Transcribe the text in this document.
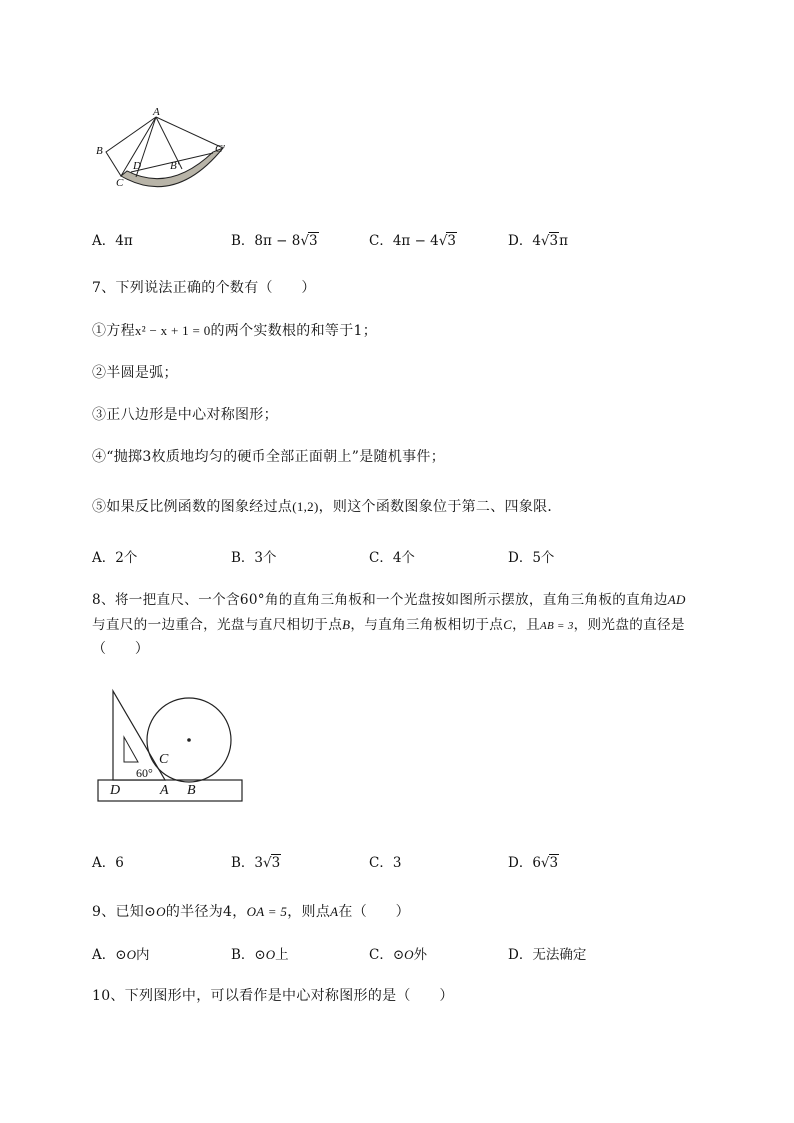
A
B
C
D	B'
C'
A．4π	B．8π − 8√3	C．4π − 4√3	D．4√3π
7、下列说法正确的个数有（　　）
①方程x² − x + 1 = 0的两个实数根的和等于1；
②半圆是弧；
③正八边形是中心对称图形；
④“抛掷3枚质地均匀的硬币全部正面朝上”是随机事件；
⑤如果反比例函数的图象经过点(1,2)，则这个函数图象位于第二、四象限．
A．2个	B．3个	C．4个	D．5个
8、将一把直尺、一个含60°角的直角三角板和一个光盘按如图所示摆放，直角三角板的直角边AD
与直尺的一边重合，光盘与直尺相切于点B，与直角三角板相切于点C，且AB = 3，则光盘的直径是
（　　）
D	A B
C
60°
A．6	B．3√3	C．3	D．6√3
9、已知⊙O的半径为4，OA = 5，则点A在（　　）
A．⊙O内	B．⊙O上	C．⊙O外	D．无法确定
10、下列图形中，可以看作是中心对称图形的是（　　）
